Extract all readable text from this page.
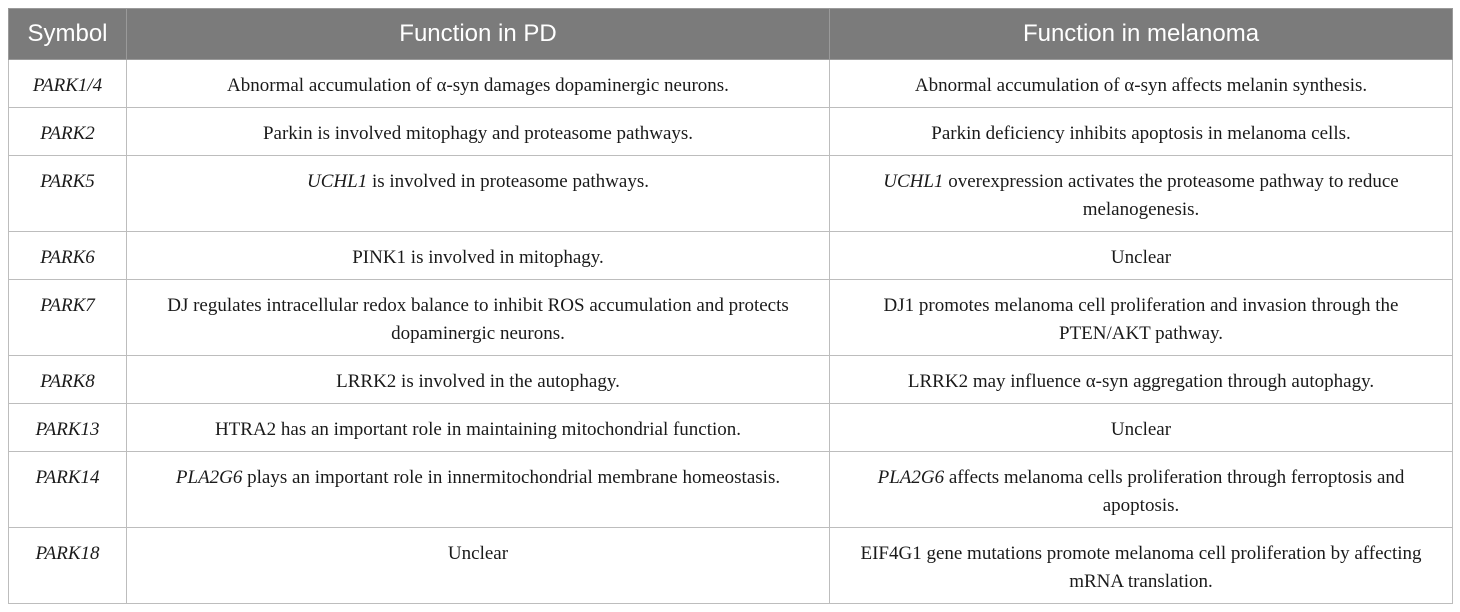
Symbol	Function in PD	Function in melanoma
PARK1/4	Abnormal accumulation of α-syn damages dopaminergic neurons.	Abnormal accumulation of α-syn affects melanin synthesis.
PARK2	Parkin is involved mitophagy and proteasome pathways.	Parkin deficiency inhibits apoptosis in melanoma cells.
PARK5	UCHL1 is involved in proteasome pathways.	UCHL1 overexpression activates the proteasome pathway to reduce melanogenesis.
PARK6	PINK1 is involved in mitophagy.	Unclear
PARK7	DJ regulates intracellular redox balance to inhibit ROS accumulation and protects dopaminergic neurons.	DJ1 promotes melanoma cell proliferation and invasion through the PTEN/AKT pathway.
PARK8	LRRK2 is involved in the autophagy.	LRRK2 may influence α-syn aggregation through autophagy.
PARK13	HTRA2 has an important role in maintaining mitochondrial function.	Unclear
PARK14	PLA2G6 plays an important role in innermitochondrial membrane homeostasis.	PLA2G6 affects melanoma cells proliferation through ferroptosis and apoptosis.
PARK18	Unclear	EIF4G1 gene mutations promote melanoma cell proliferation by affecting mRNA translation.
